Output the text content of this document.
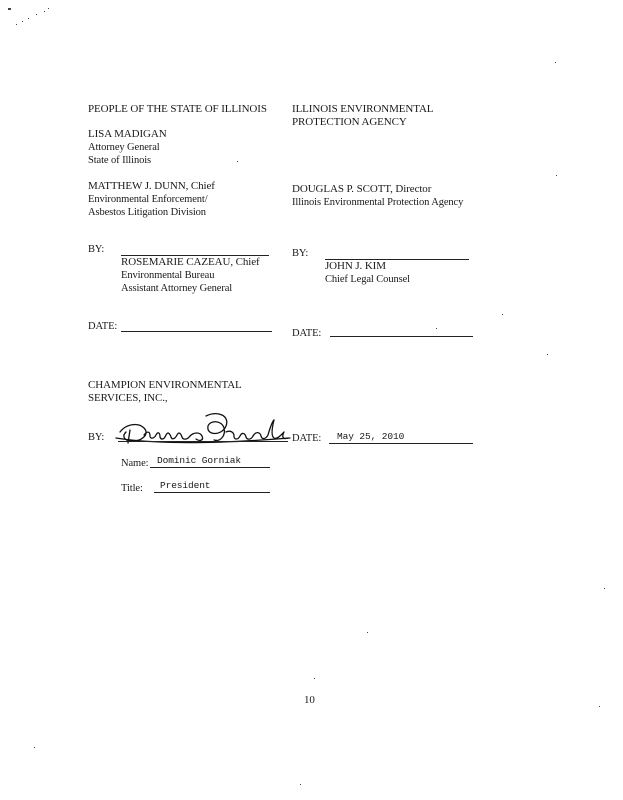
PEOPLE OF THE STATE OF ILLINOIS
LISA MADIGAN
Attorney General
State of Illinois
MATTHEW J. DUNN, Chief
Environmental Enforcement/
Asbestos Litigation Division
BY:
ROSEMARIE CAZEAU, Chief
Environmental Bureau
Assistant Attorney General
DATE:
ILLINOIS ENVIRONMENTAL
PROTECTION AGENCY
DOUGLAS P. SCOTT, Director
Illinois Environmental Protection Agency
BY:
JOHN J. KIM
Chief Legal Counsel
DATE:
CHAMPION ENVIRONMENTAL
SERVICES, INC.,
BY:	DATE: May 25, 2010
Name: Dominic Gorniak
Title: President
10
